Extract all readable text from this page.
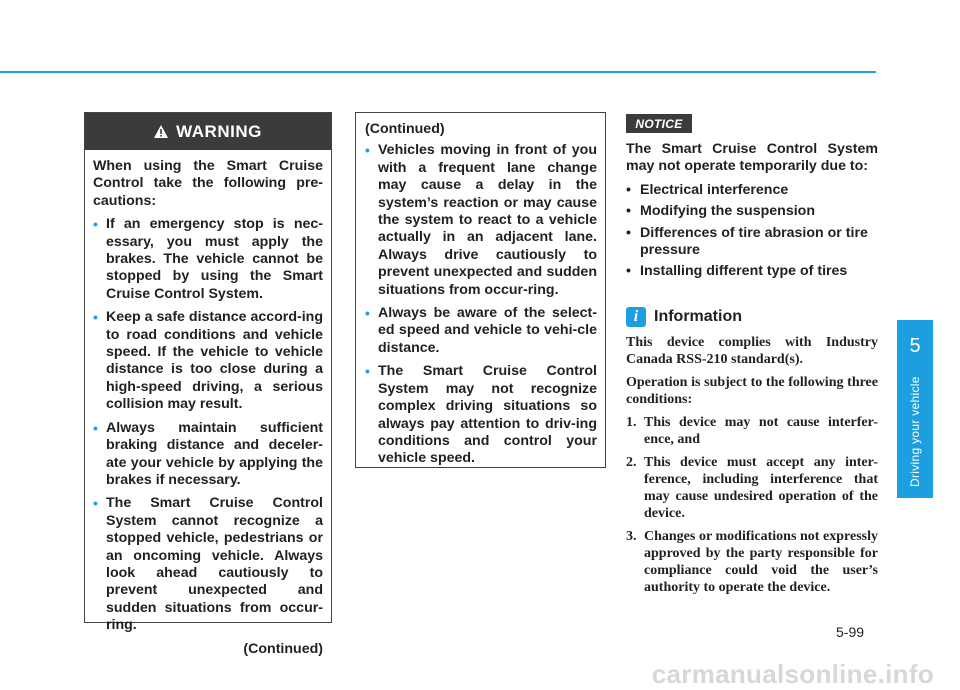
WARNING

When using the Smart Cruise Control take the following pre-cautions:

• If an emergency stop is nec-essary, you must apply the brakes. The vehicle cannot be stopped by using the Smart Cruise Control System.
• Keep a safe distance accord-ing to road conditions and vehicle speed. If the vehicle to vehicle distance is too close during a high-speed driving, a serious collision may result.
• Always maintain sufficient braking distance and deceler-ate your vehicle by applying the brakes if necessary.
• The Smart Cruise Control System cannot recognize a stopped vehicle, pedestrians or an oncoming vehicle. Always look ahead cautiously to prevent unexpected and sudden situations from occur-ring.
(Continued)

(Continued)

• Vehicles moving in front of you with a frequent lane change may cause a delay in the system’s reaction or may cause the system to react to a vehicle actually in an adjacent lane. Always drive cautiously to prevent unexpected and sudden situations from occur-ring.
• Always be aware of the select-ed speed and vehicle to vehi-cle distance.
• The Smart Cruise Control System may not recognize complex driving situations so always pay attention to driv-ing conditions and control your vehicle speed.
NOTICE

The Smart Cruise Control System may not operate temporarily due to:

• Electrical interference
• Modifying the suspension
• Differences of tire abrasion or tire pressure
• Installing different type of tires
i Information

This device complies with Industry Canada RSS-210 standard(s).

Operation is subject to the following three conditions:

1. This device may not cause interfer-ence, and
2. This device must accept any inter-ference, including interference that may cause undesired operation of the device.
3. Changes or modifications not expressly approved by the party responsible for compliance could void the user’s authority to operate the device.
5
Driving your vehicle
5-99
carmanualsonline.info
